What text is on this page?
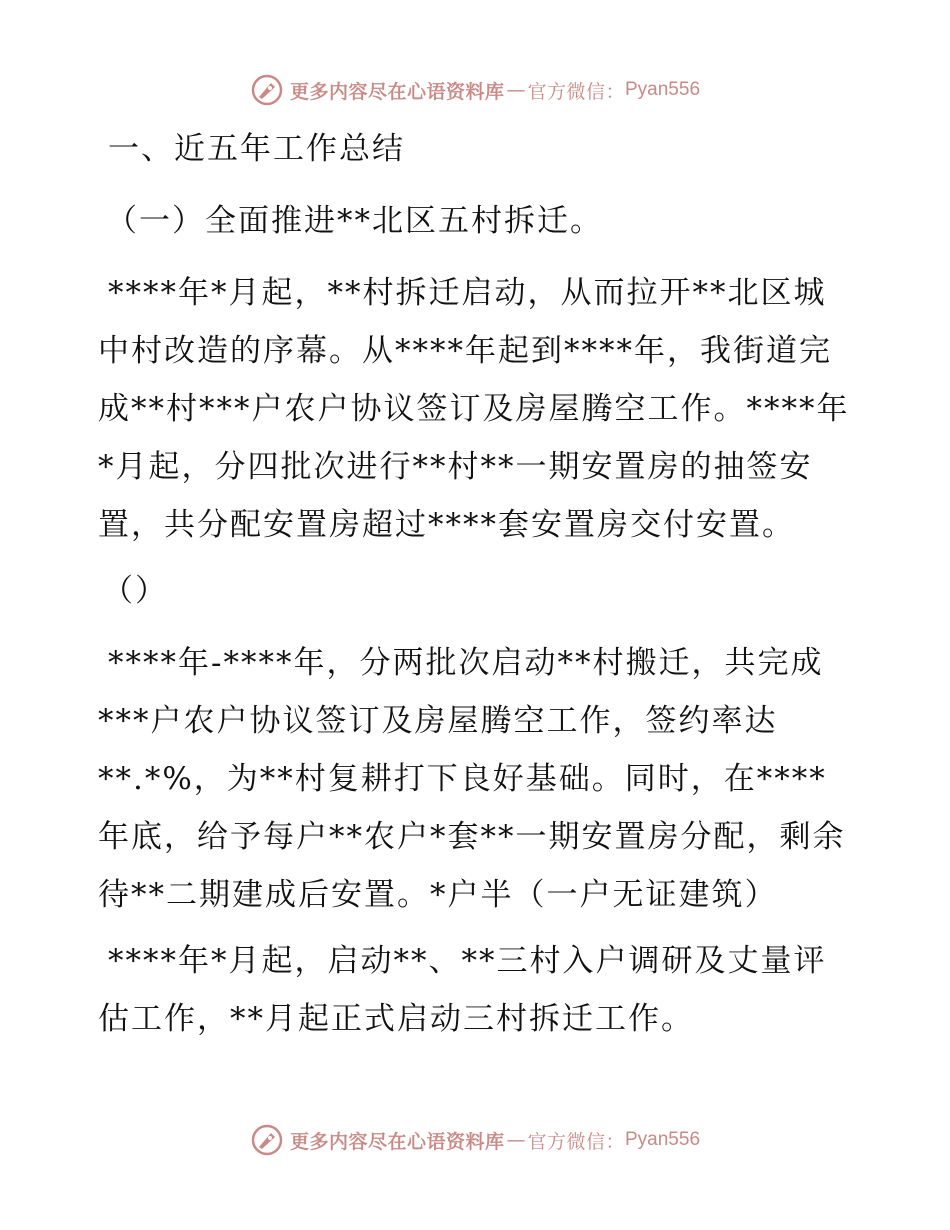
更多内容尽在心语资料库 — 官方微信： Pyan556

一、近五年工作总结

（一）全面推进**北区五村拆迁。

****年*月起，**村拆迁启动，从而拉开**北区城中村改造的序幕。从****年起到****年，我街道完成**村***户农户协议签订及房屋腾空工作。****年*月起，分四批次进行**村**一期安置房的抽签安置，共分配安置房超过****套安置房交付安置。

（）

****年-****年，分两批次启动**村搬迁，共完成***户农户协议签订及房屋腾空工作，签约率达**.*%，为**村复耕打下良好基础。同时，在****年底，给予每户**农户*套**一期安置房分配，剩余待**二期建成后安置。*户半（一户无证建筑）

****年*月起，启动**、**三村入户调研及丈量评估工作，**月起正式启动三村拆迁工作。

更多内容尽在心语资料库 — 官方微信： Pyan556
